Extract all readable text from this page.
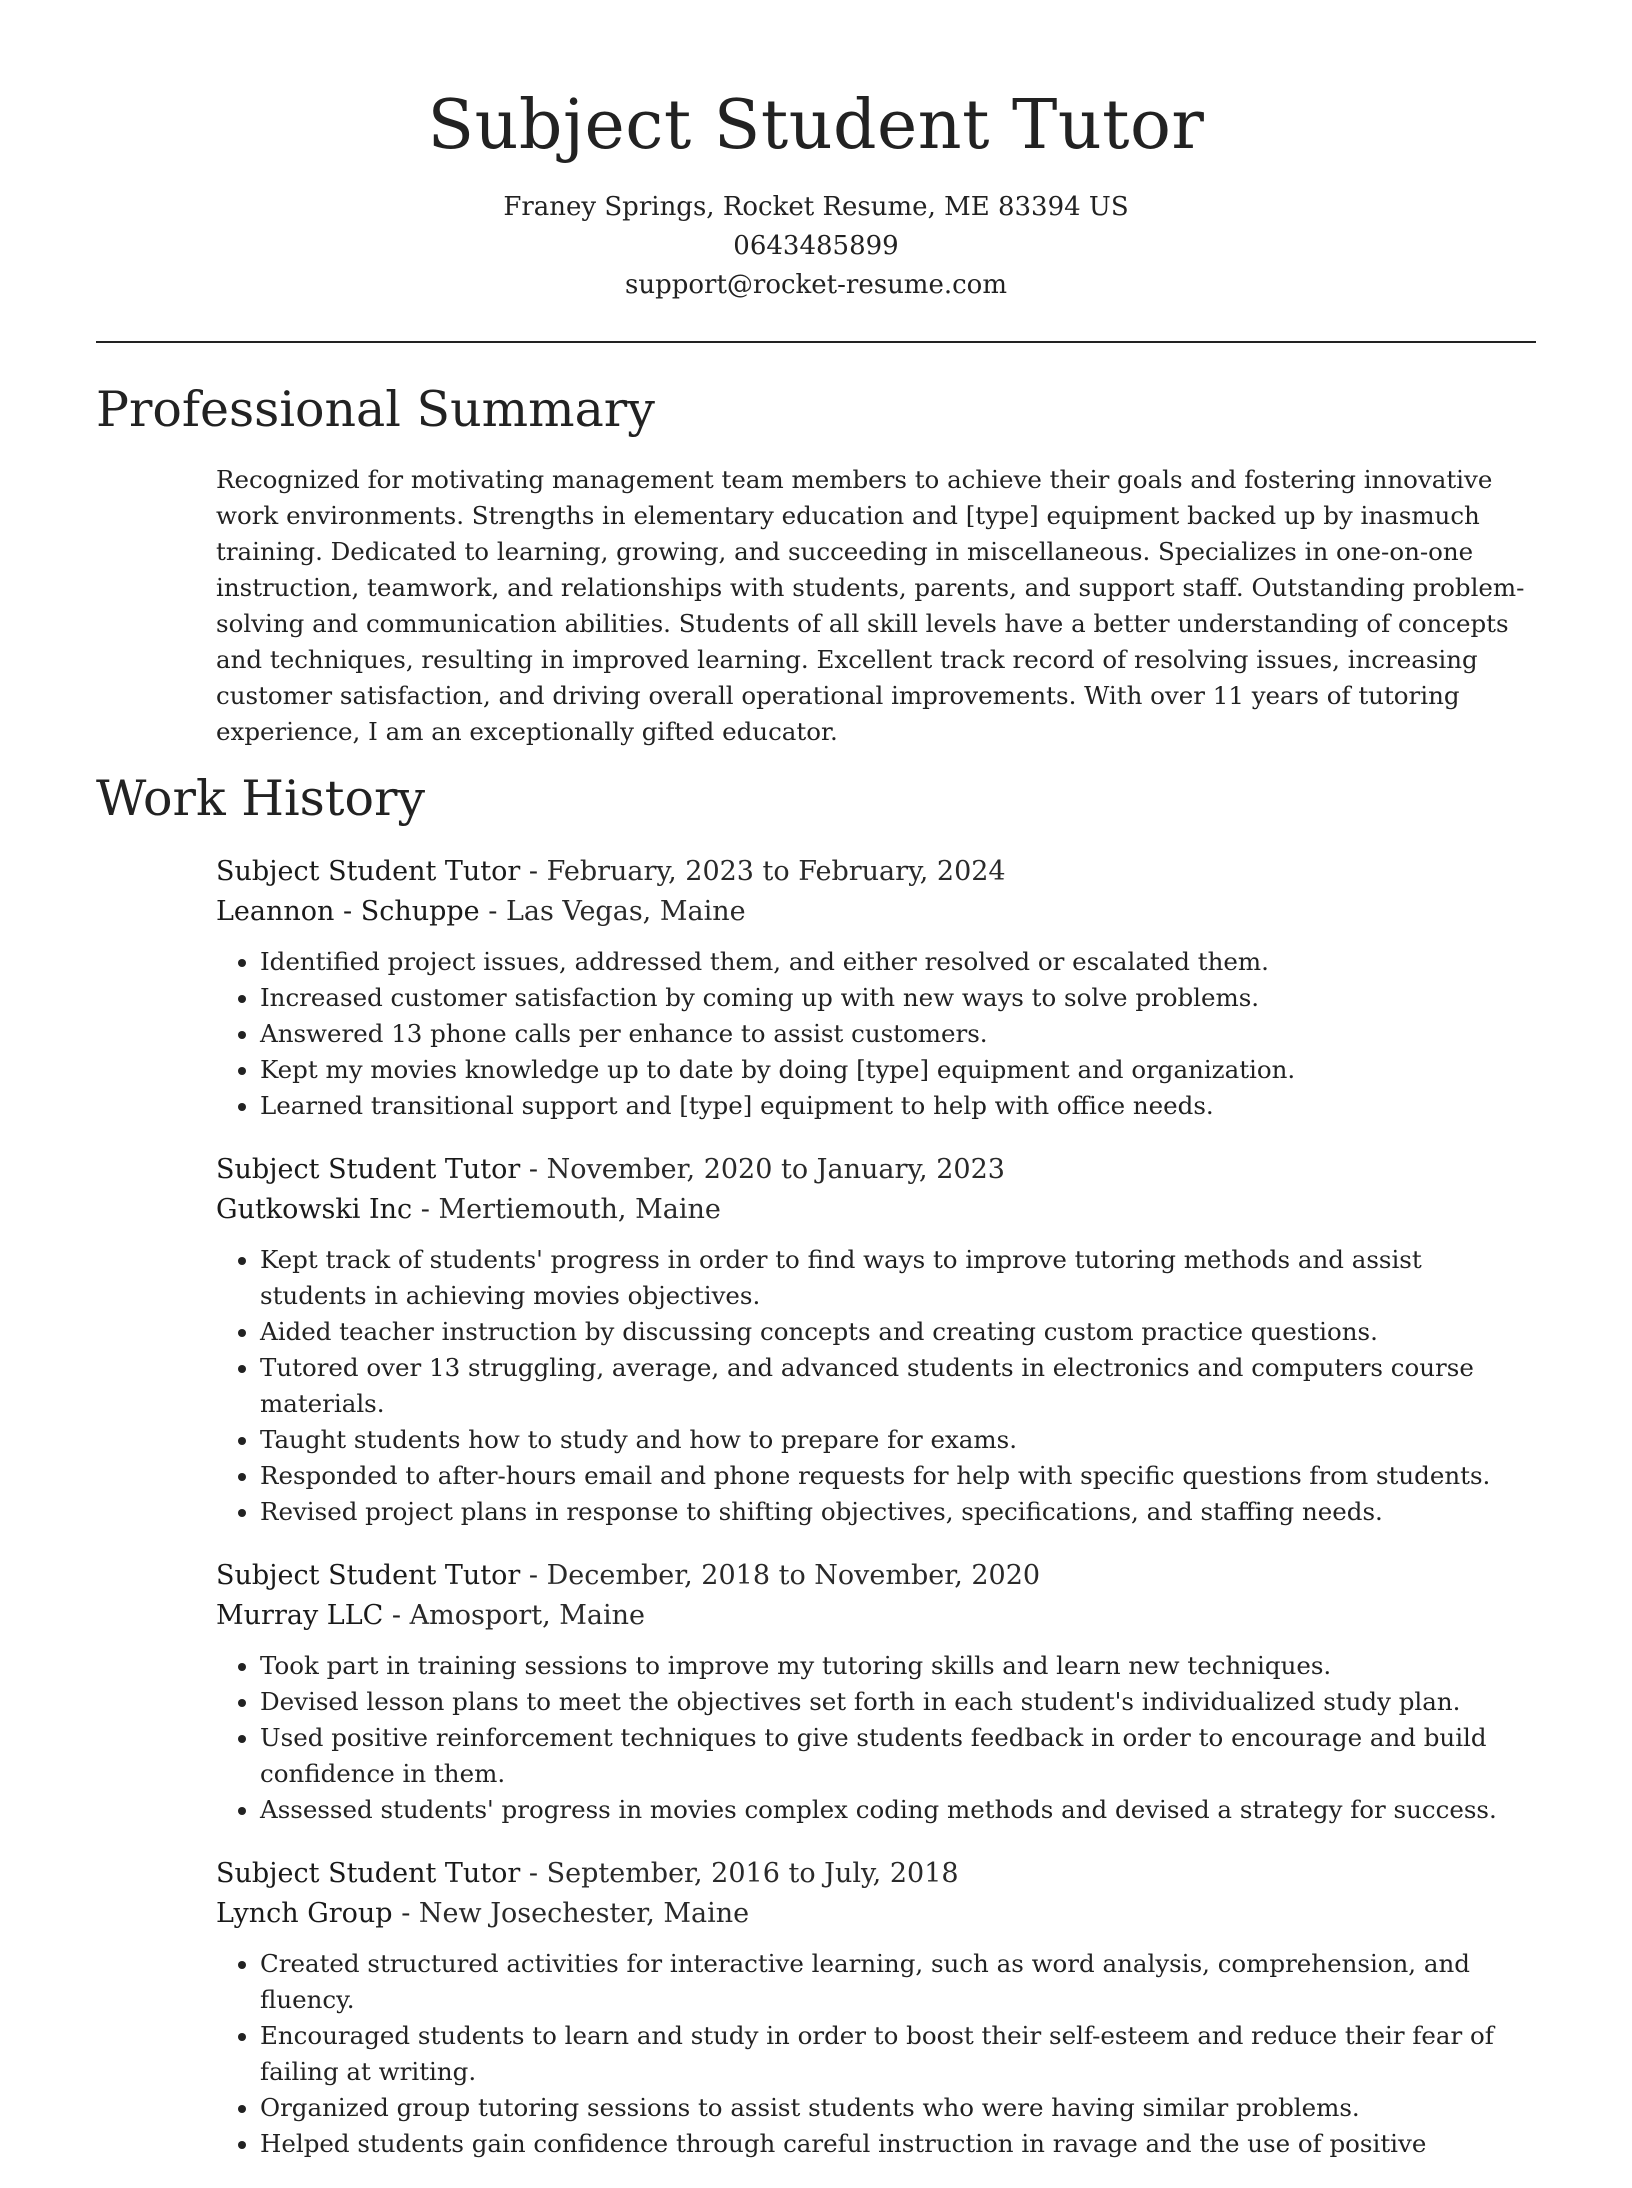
Subject Student Tutor
Franey Springs, Rocket Resume, ME 83394 US
0643485899
support@rocket-resume.com
Professional Summary

Recognized for motivating management team members to achieve their goals and fostering innovative work environments. Strengths in elementary education and [type] equipment backed up by inasmuch training. Dedicated to learning, growing, and succeeding in miscellaneous. Specializes in one-on-one instruction, teamwork, and relationships with students, parents, and support staff. Outstanding problem-solving and communication abilities. Students of all skill levels have a better understanding of concepts and techniques, resulting in improved learning. Excellent track record of resolving issues, increasing customer satisfaction, and driving overall operational improvements. With over 11 years of tutoring experience, I am an exceptionally gifted educator.

Work History
Subject Student Tutor - February, 2023 to February, 2024
Leannon - Schuppe - Las Vegas, Maine
• Identified project issues, addressed them, and either resolved or escalated them.
• Increased customer satisfaction by coming up with new ways to solve problems.
• Answered 13 phone calls per enhance to assist customers.
• Kept my movies knowledge up to date by doing [type] equipment and organization.
• Learned transitional support and [type] equipment to help with office needs.
Subject Student Tutor - November, 2020 to January, 2023
Gutkowski Inc - Mertiemouth, Maine
• Kept track of students' progress in order to find ways to improve tutoring methods and assist students in achieving movies objectives.
• Aided teacher instruction by discussing concepts and creating custom practice questions.
• Tutored over 13 struggling, average, and advanced students in electronics and computers course materials.
• Taught students how to study and how to prepare for exams.
• Responded to after-hours email and phone requests for help with specific questions from students.
• Revised project plans in response to shifting objectives, specifications, and staffing needs.
Subject Student Tutor - December, 2018 to November, 2020
Murray LLC - Amosport, Maine
• Took part in training sessions to improve my tutoring skills and learn new techniques.
• Devised lesson plans to meet the objectives set forth in each student's individualized study plan.
• Used positive reinforcement techniques to give students feedback in order to encourage and build confidence in them.
• Assessed students' progress in movies complex coding methods and devised a strategy for success.
Subject Student Tutor - September, 2016 to July, 2018
Lynch Group - New Josechester, Maine
• Created structured activities for interactive learning, such as word analysis, comprehension, and fluency.
• Encouraged students to learn and study in order to boost their self-esteem and reduce their fear of failing at writing.
• Organized group tutoring sessions to assist students who were having similar problems.
• Helped students gain confidence through careful instruction in ravage and the use of positive
